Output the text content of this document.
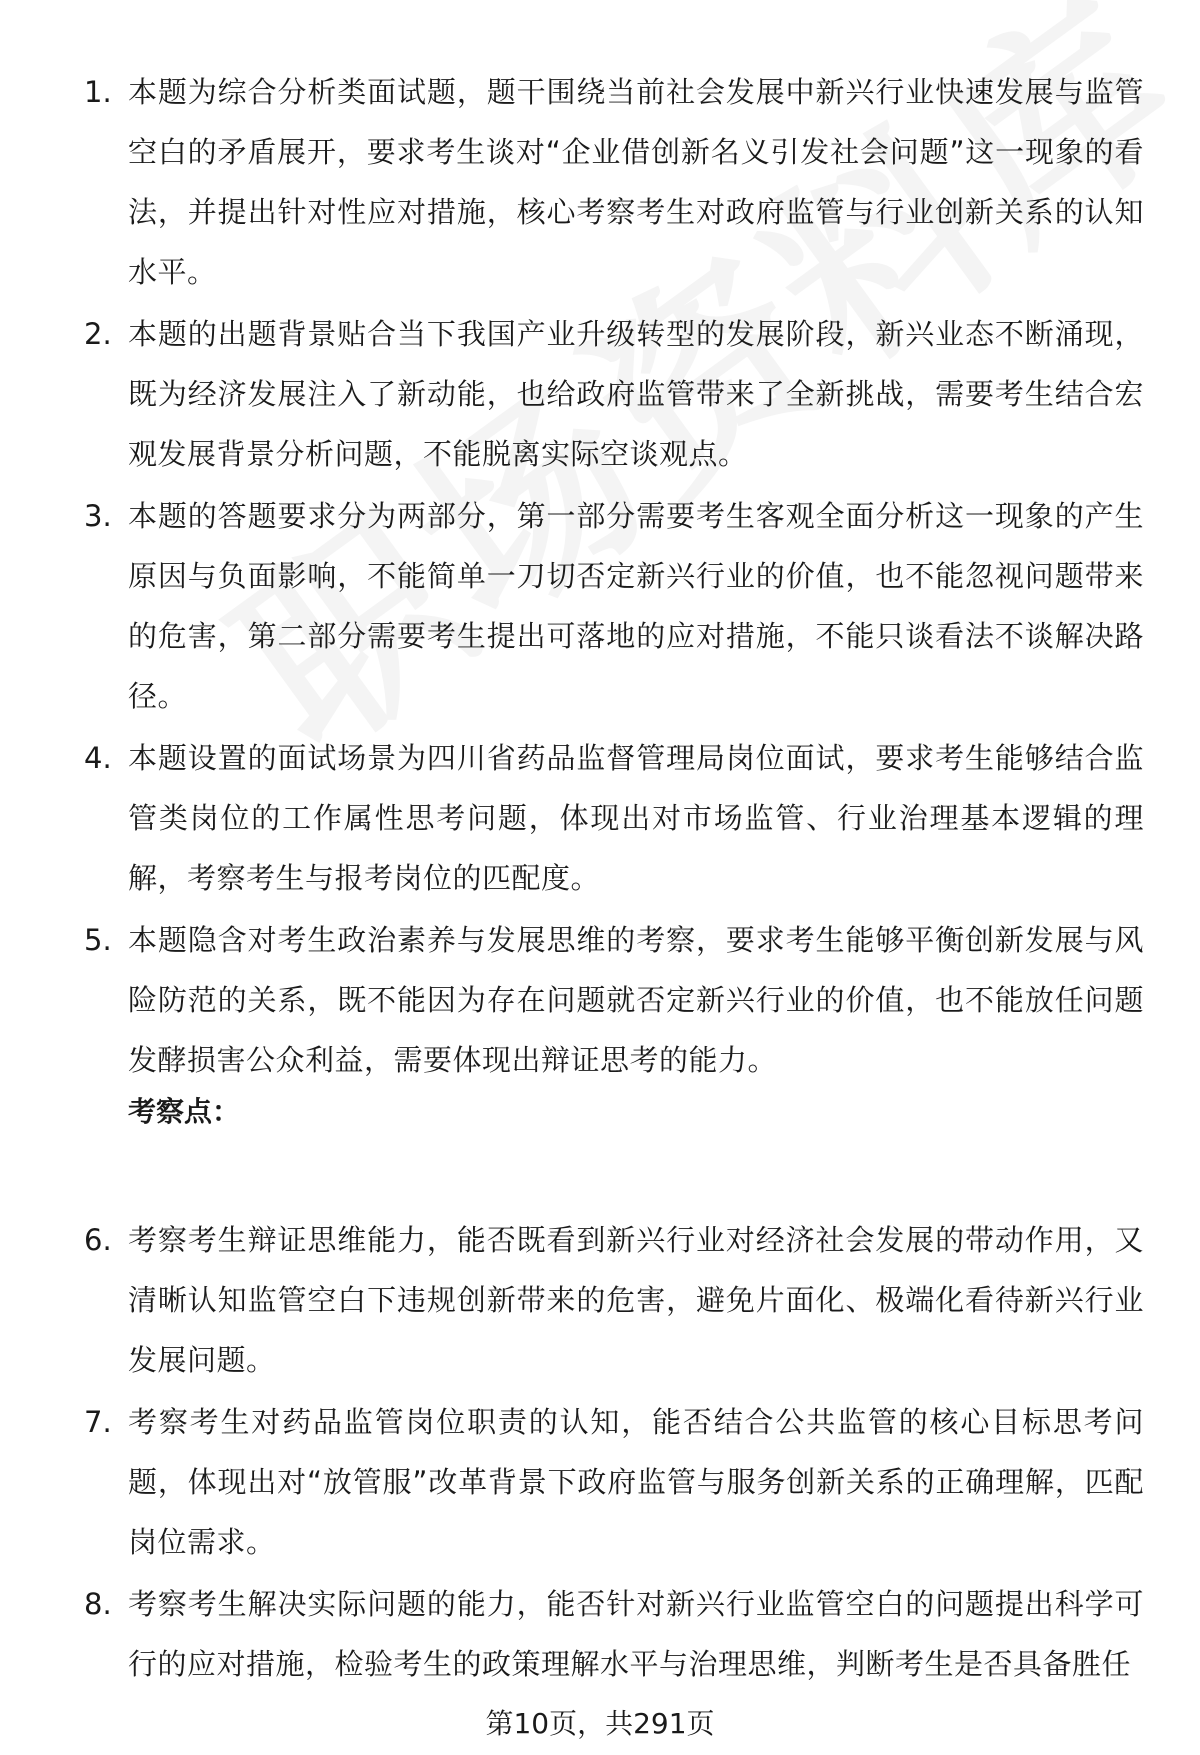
1. 本题为综合分析类面试题，题干围绕当前社会发展中新兴行业快速发展与监管空白的矛盾展开，要求考生谈对“企业借创新名义引发社会问题”这一现象的看法，并提出针对性应对措施，核心考察考生对政府监管与行业创新关系的认知水平。
2. 本题的出题背景贴合当下我国产业升级转型的发展阶段，新兴业态不断涌现，既为经济发展注入了新动能，也给政府监管带来了全新挑战，需要考生结合宏观发展背景分析问题，不能脱离实际空谈观点。
3. 本题的答题要求分为两部分，第一部分需要考生客观全面分析这一现象的产生原因与负面影响，不能简单一刀切否定新兴行业的价值，也不能忽视问题带来的危害，第二部分需要考生提出可落地的应对措施，不能只谈看法不谈解决路径。
4. 本题设置的面试场景为四川省药品监督管理局岗位面试，要求考生能够结合监管类岗位的工作属性思考问题，体现出对市场监管、行业治理基本逻辑的理解，考察考生与报考岗位的匹配度。
5. 本题隐含对考生政治素养与发展思维的考察，要求考生能够平衡创新发展与风险防范的关系，既不能因为存在问题就否定新兴行业的价值，也不能放任问题发酵损害公众利益，需要体现出辩证思考的能力。
考察点：
6. 考察考生辩证思维能力，能否既看到新兴行业对经济社会发展的带动作用，又清晰认知监管空白下违规创新带来的危害，避免片面化、极端化看待新兴行业发展问题。
7. 考察考生对药品监管岗位职责的认知，能否结合公共监管的核心目标思考问题，体现出对“放管服”改革背景下政府监管与服务创新关系的正确理解，匹配岗位需求。
8. 考察考生解决实际问题的能力，能否针对新兴行业监管空白的问题提出科学可行的应对措施，检验考生的政策理解水平与治理思维，判断考生是否具备胜任
第10页，共291页
